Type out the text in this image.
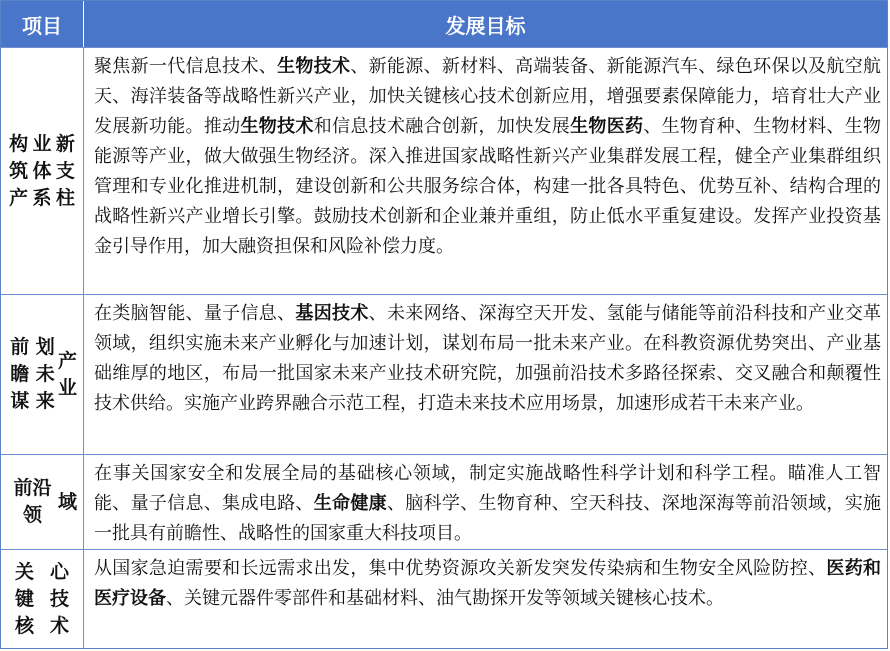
项目	发展目标
构筑产
业体系
新支柱
聚焦新一代信息技术、生物技术、新能源、新材料、高端装备、新能源汽车、绿色环保以及航空航天、海洋装备等战略性新兴产业，加快关键核心技术创新应用，增强要素保障能力，培育壮大产业发展新功能。推动生物技术和信息技术融合创新，加快发展生物医药、生物育种、生物材料、生物能源等产业，做大做强生物经济。深入推进国家战略性新兴产业集群发展工程，健全产业集群组织管理和专业化推进机制，建设创新和公共服务综合体，构建一批各具特色、优势互补、结构合理的战略性新兴产业增长引擎。鼓励技术创新和企业兼并重组，防止低水平重复建设。发挥产业投资基金引导作用，加大融资担保和风险补偿力度。
前瞻谋
划未来
产业
在类脑智能、量子信息、基因技术、未来网络、深海空天开发、氢能与储能等前沿科技和产业交革领域，组织实施未来产业孵化与加速计划，谋划布局一批未来产业。在科教资源优势突出、产业基础维厚的地区，布局一批国家未来产业技术研究院，加强前沿技术多路径探索、交叉融合和颠覆性技术供给。实施产业跨界融合示范工程，打造未来技术应用场景，加速形成若干未来产业。
前沿领
域
在事关国家安全和发展全局的基础核心领域，制定实施战略性科学计划和科学工程。瞄准人工智能、量子信息、集成电路、生命健康、脑科学、生物育种、空天科技、深地深海等前沿领域，实施一批具有前瞻性、战略性的国家重大科技项目。
关键核
心技术
从国家急迫需要和长远需求出发，集中优势资源攻关新发突发传染病和生物安全风险防控、医药和医疗设备、关键元器件零部件和基础材料、油气勘探开发等领域关键核心技术。
